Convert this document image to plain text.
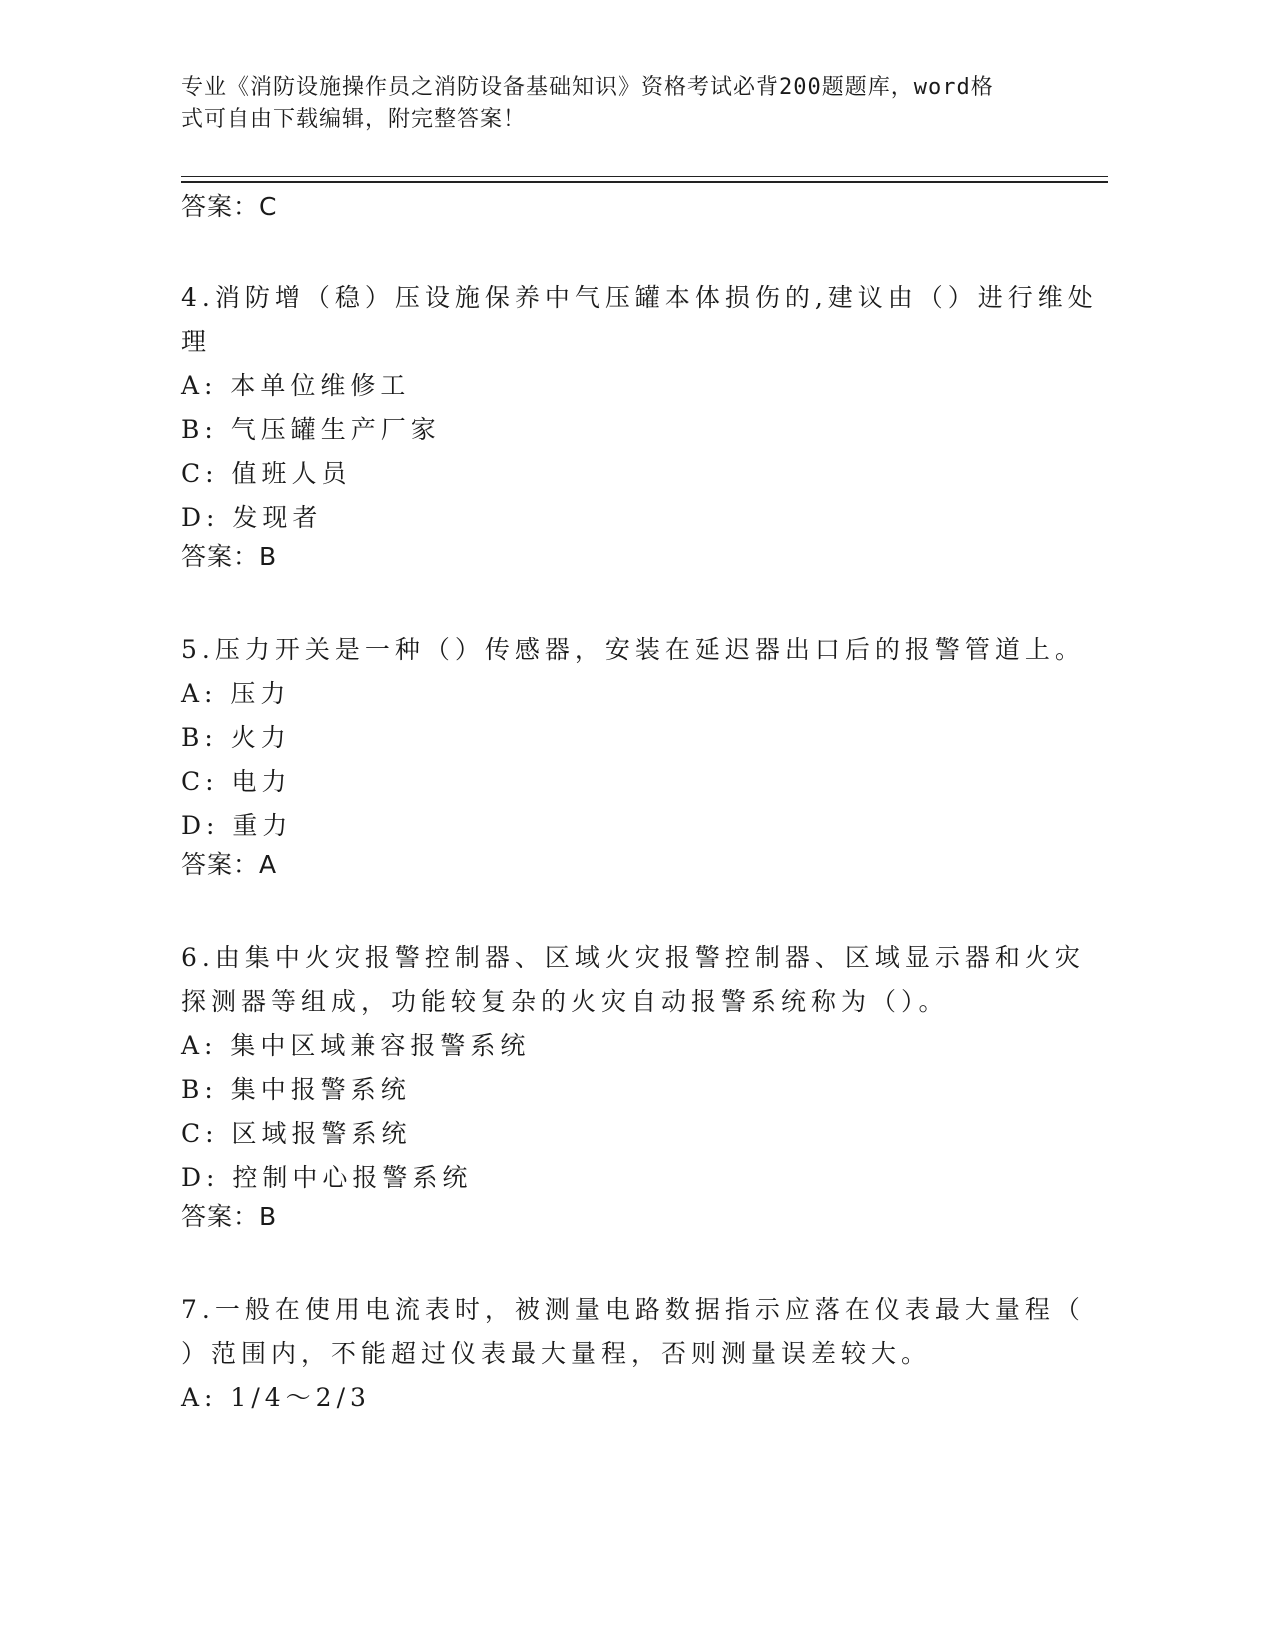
专业《消防设施操作员之消防设备基础知识》资格考试必背200题题库，word格
式可自由下载编辑，附完整答案！
答案：C
4.消防增（稳）压设施保养中气压罐本体损伤的,建议由（）进行维处
理
A: 本单位维修工
B: 气压罐生产厂家
C: 值班人员
D: 发现者
答案：B
5.压力开关是一种（）传感器，安装在延迟器出口后的报警管道上。
A: 压力
B: 火力
C: 电力
D: 重力
答案：A
6.由集中火灾报警控制器、区域火灾报警控制器、区域显示器和火灾
探测器等组成，功能较复杂的火灾自动报警系统称为（）。
A: 集中区域兼容报警系统
B: 集中报警系统
C: 区域报警系统
D: 控制中心报警系统
答案：B
7.一般在使用电流表时，被测量电路数据指示应落在仪表最大量程（
）范围内，不能超过仪表最大量程，否则测量误差较大。
A: 1/4～2/3
